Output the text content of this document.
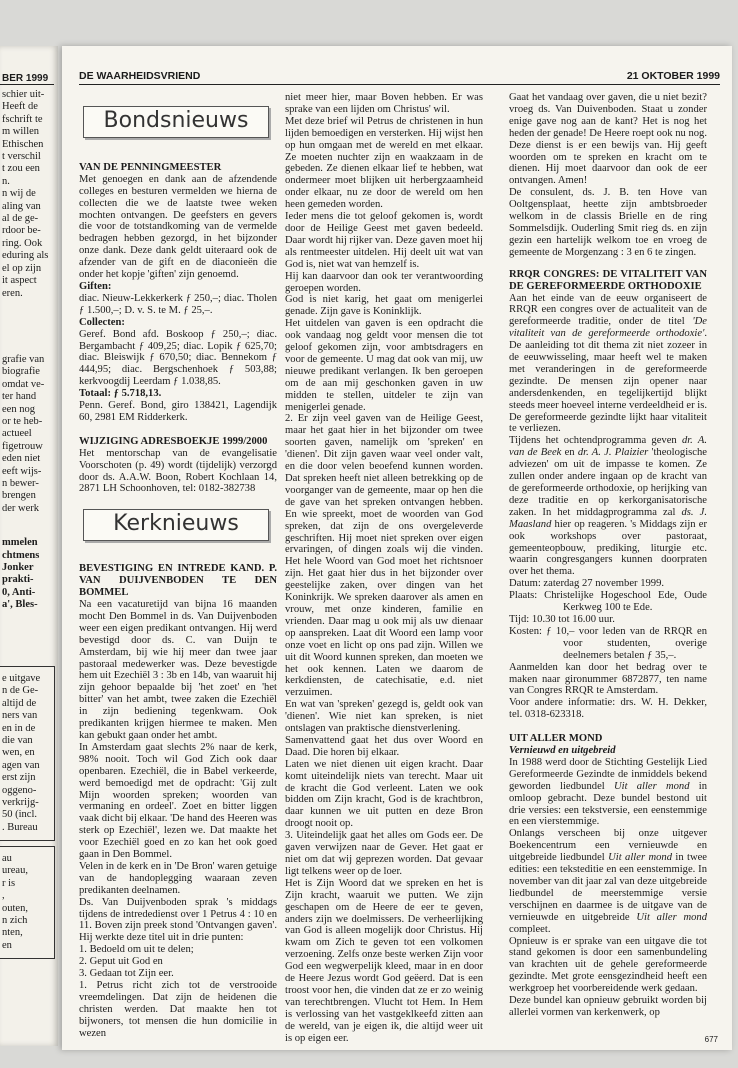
BER 1999
schier uit-
Heeft de
fschrift te
m willen
Ethischen
t verschil
t zou een
n.
n wij de
aling van
al de ge-
rdoor be-
ring. Ook
eduring als
el op zijn
it aspect
eren.
grafie van
biografie
omdat ve-
ter hand
een nog
or te heb-
actueel
figetrouw
eden niet
eeft wijs-
n bewer-
brengen
der werk
mmelen
chtmens
Jonker
prakti-
0, Anti-
a', Bles-
e uitgave
n de Ge-
altijd de
ners van
en in de
die van
wen, en
agen van
erst zijn
oggeno-
verkrijg-
50 (incl.
. Bureau
au
ureau,
r is
,
outen,
n zich
nten,
en
DE WAARHEIDSVRIEND	21 OKTOBER 1999
Bondsnieuws

VAN DE PENNINGMEESTER

Met genoegen en dank aan de afzendende colleges en besturen vermelden we hierna de collecten die we de laatste twee weken mochten ontvangen. De geefsters en gevers die voor de totstandkoming van de vermelde bedragen hebben gezorgd, in het bijzonder onze dank. Deze dank geldt uiteraard ook de afzender van de gift en de diaconieën die onder het kopje 'giften' zijn genoemd.

Giften:

diac. Nieuw-Lekkerkerk ƒ 250,–; diac. Tholen ƒ 1.500,–; D. v. S. te M. ƒ 25,–.

Collecten:

Geref. Bond afd. Boskoop ƒ 250,–; diac. Bergambacht ƒ 409,25; diac. Lopik ƒ 625,70; diac. Bleiswijk ƒ 670,50; diac. Bennekom ƒ 444,95; diac. Bergschenhoek ƒ 503,88; kerkvoogdij Leerdam ƒ 1.038,85.

Totaal: ƒ 5.718,13.

Penn. Geref. Bond, giro 138421, Lagendijk 60, 2981 EM Ridderkerk.

WIJZIGING ADRESBOEKJE 1999/2000

Het mentorschap van de evangelisatie Voorschoten (p. 49) wordt (tijdelijk) verzorgd door ds. A.A.W. Boon, Robert Kochlaan 14, 2871 LH Schoonhoven, tel: 0182-382738

Kerknieuws

BEVESTIGING EN INTREDE KAND. P. VAN DUIJVENBODEN TE DEN BOMMEL

Na een vacaturetijd van bijna 16 maanden mocht Den Bommel in ds. Van Duijvenboden weer een eigen predikant ontvangen. Hij werd bevestigd door ds. C. van Duijn te Amsterdam, bij wie hij meer dan twee jaar pastoraal medewerker was. Deze bevestigde hem uit Ezechiël 3 : 3b en 14b, van waaruit hij zijn gehoor bepaalde bij 'het zoet' en 'het bitter' van het ambt, twee zaken die Ezechiël in zijn bediening tegenkwam. Ook predikanten krijgen hiermee te maken. Men kan gebukt gaan onder het ambt.

In Amsterdam gaat slechts 2% naar de kerk, 98% nooit. Toch wil God Zich ook daar openbaren. Ezechiël, die in Babel verkeerde, werd bemoedigd met de opdracht: 'Gij zult Mijn woorden spreken; woorden van vermaning en ordeel'. Zoet en bitter liggen vaak dicht bij elkaar. 'De hand des Heeren was sterk op Ezechiël', lezen we. Dat maakte het voor Ezechiël goed en zo kan het ook goed gaan in Den Bommel.

Velen in de kerk en in 'De Bron' waren getuige van de handoplegging waaraan zeven predikanten deelnamen.

Ds. Van Duijvenboden sprak 's middags tijdens de intrededienst over 1 Petrus 4 : 10 en 11. Boven zijn preek stond 'Ontvangen gaven'. Hij werkte deze titel uit in drie punten:

1. Bedoeld om uit te delen;

2. Geput uit God en

3. Gedaan tot Zijn eer.

1. Petrus richt zich tot de verstrooide vreemdelingen. Dat zijn de heidenen die christen werden. Dat maakte hen tot bijwoners, tot mensen die hun domicilie in wezen

niet meer hier, maar Boven hebben. Er was sprake van een lijden om Christus' wil.

Met deze brief wil Petrus de christenen in hun lijden bemoedigen en versterken. Hij wijst hen op hun omgaan met de wereld en met elkaar. Ze moeten nuchter zijn en waakzaam in de gebeden. Ze dienen elkaar lief te hebben, wat ondermeer moet blijken uit herbergzaamheid onder elkaar, nu ze door de wereld om hen heen gemeden worden.

Ieder mens die tot geloof gekomen is, wordt door de Heilige Geest met gaven bedeeld. Daar wordt hij rijker van. Deze gaven moet hij als rentmeester uitdelen. Hij deelt uit wat van God is, niet wat van hemzelf is.

Hij kan daarvoor dan ook ter verantwoording geroepen worden.

God is niet karig, het gaat om menigerlei genade. Zijn gave is Koninklijk.

Het uitdelen van gaven is een opdracht die ook vandaag nog geldt voor mensen die tot geloof gekomen zijn, voor ambtsdragers en voor de gemeente. U mag dat ook van mij, uw nieuwe predikant verlangen. Ik ben geroepen om de aan mij geschonken gaven in uw midden te stellen, uitdeler te zijn van menigerlei genade.

2. Er zijn veel gaven van de Heilige Geest, maar het gaat hier in het bijzonder om twee soorten gaven, namelijk om 'spreken' en 'dienen'. Dit zijn gaven waar veel onder valt, en die door velen beoefend kunnen worden. Dat spreken heeft niet alleen betrekking op de voorganger van de gemeente, maar op hen die de gave van het spreken ontvangen hebben. En wie spreekt, moet de woorden van God spreken, dat zijn de ons overgeleverde geschriften. Hij moet niet spreken over eigen ervaringen, of dingen zoals wij die vinden. Het hele Woord van God moet het richtsnoer zijn. Het gaat hier dus in het bijzonder over geestelijke zaken, over dingen van het Koninkrijk. We spreken daarover als amen en vrouw, met onze kinderen, familie en vrienden. Daar mag u ook mij als uw dienaar op aanspreken. Laat dit Woord een lamp voor onze voet en licht op ons pad zijn. Willen we uit dit Woord kunnen spreken, dan moeten we het ook kennen. Laten we daarom de kerkdiensten, de catechisatie, e.d. niet verzuimen.

En wat van 'spreken' gezegd is, geldt ook van 'dienen'. Wie niet kan spreken, is niet ontslagen van praktische dienstverlening.

Samenvattend gaat het dus over Woord en Daad. Die horen bij elkaar.

Laten we niet dienen uit eigen kracht. Daar komt uiteindelijk niets van terecht. Maar uit de kracht die God verleent. Laten we ook bidden om Zijn kracht, God is de krachtbron, daar kunnen we uit putten en deze Bron droogt nooit op.

3. Uiteindelijk gaat het alles om Gods eer. De gaven verwijzen naar de Gever. Het gaat er niet om dat wij geprezen worden. Dat gevaar ligt telkens weer op de loer.

Het is Zijn Woord dat we spreken en het is Zijn kracht, waaruit we putten. We zijn geschapen om de Heere de eer te geven, anders zijn we doelmissers. De verheerlijking van God is alleen mogelijk door Christus. Hij kwam om Zich te geven tot een volkomen verzoening. Zelfs onze beste werken Zijn voor God een wegwerpelijk kleed, maar in en door de Heere Jezus wordt God geëerd. Dat is een troost voor hen, die vinden dat ze er zo weinig van terechtbrengen. Vlucht tot Hem. In Hem is verlossing van het vastgeklkeefd zitten aan de wereld, van je eigen ik, die altijd weer uit is op eigen eer.

Gaat het vandaag over gaven, die u niet bezit? vroeg ds. Van Duivenboden. Staat u zonder enige gave nog aan de kant? Het is nog het heden der genade! De Heere roept ook nu nog. Deze dienst is er een bewijs van. Hij geeft woorden om te spreken en kracht om te dienen. Hij moet daarvoor dan ook de eer ontvangen. Amen!

De consulent, ds. J. B. ten Hove van Ooltgensplaat, heette zijn ambtsbroeder welkom in de classis Brielle en de ring Sommelsdijk. Ouderling Smit rieg ds. en zijn gezin een hartelijk welkom toe en vroeg de gemeente de Morgenzang : 3 en 6 te zingen.

RRQR CONGRES: DE VITALITEIT VAN DE GEREFORMEERDE ORTHODOXIE

Aan het einde van de eeuw organiseert de RRQR een congres over de actualiteit van de gereformeerde traditie, onder de titel 'De vitaliteit van de gereformeerde orthodoxie'. De aanleiding tot dit thema zit niet zozeer in de eeuwwisseling, maar heeft wel te maken met veranderingen in de gereformeerde gezindte. De mensen zijn opener naar andersdenkenden, en tegelijkertijd blijkt steeds meer hoeveel interne verdeeldheid er is. De gereformeerde gezindte lijkt haar vitaliteit te verliezen.

Tijdens het ochtendprogramma geven dr. A. van de Beek en dr. A. J. Plaizier 'theologische adviezen' om uit de impasse te komen. Ze zullen onder andere ingaan op de kracht van de gereformeerde orthodoxie, op herijking van deze traditie en op kerkorganisatorische zaken. In het middagprogramma zal ds. J. Maasland hier op reageren. 's Middags zijn er ook workshops over pastoraat, gemeenteopbouw, prediking, liturgie etc. waarin congresgangers kunnen doorpraten over het thema.

Datum: zaterdag 27 november 1999.

Plaats: Christelijke Hogeschool Ede, Oude Kerkweg 100 te Ede.

Tijd: 10.30 tot 16.00 uur.

Kosten: ƒ 10,– voor leden van de RRQR en voor studenten, overige deelnemers betalen ƒ 35,–.

Aanmelden kan door het bedrag over te maken naar gironummer 6872877, ten name van Congres RRQR te Amsterdam.

Voor andere informatie: drs. W. H. Dekker, tel. 0318-623318.

UIT ALLER MOND

Vernieuwd en uitgebreid

In 1988 werd door de Stichting Gestelijk Lied Gereformeerde Gezindte de inmiddels bekend geworden liedbundel Uit aller mond in omloop gebracht. Deze bundel bestond uit drie versies: een tekstversie, een eenstemmige en een vierstemmige.

Onlangs verscheen bij onze uitgever Boekencentrum een vernieuwde en uitgebreide liedbundel Uit aller mond in twee edities: een teksteditie en een eenstemmige. In november van dit jaar zal van deze uitgebreide liedbundel de meerstemmige versie verschijnen en daarmee is de uitgave van de vernieuwde en uitgebreide Uit aller mond compleet.

Opnieuw is er sprake van een uitgave die tot stand gekomen is door een samenbundeling van krachten uit de gehele gereformeerde gezindte. Met grote eensgezindheid heeft een werkgroep het voorbereidende werk gedaan.

Deze bundel kan opnieuw gebruikt worden bij allerlei vormen van kerkenwerk, op

677
